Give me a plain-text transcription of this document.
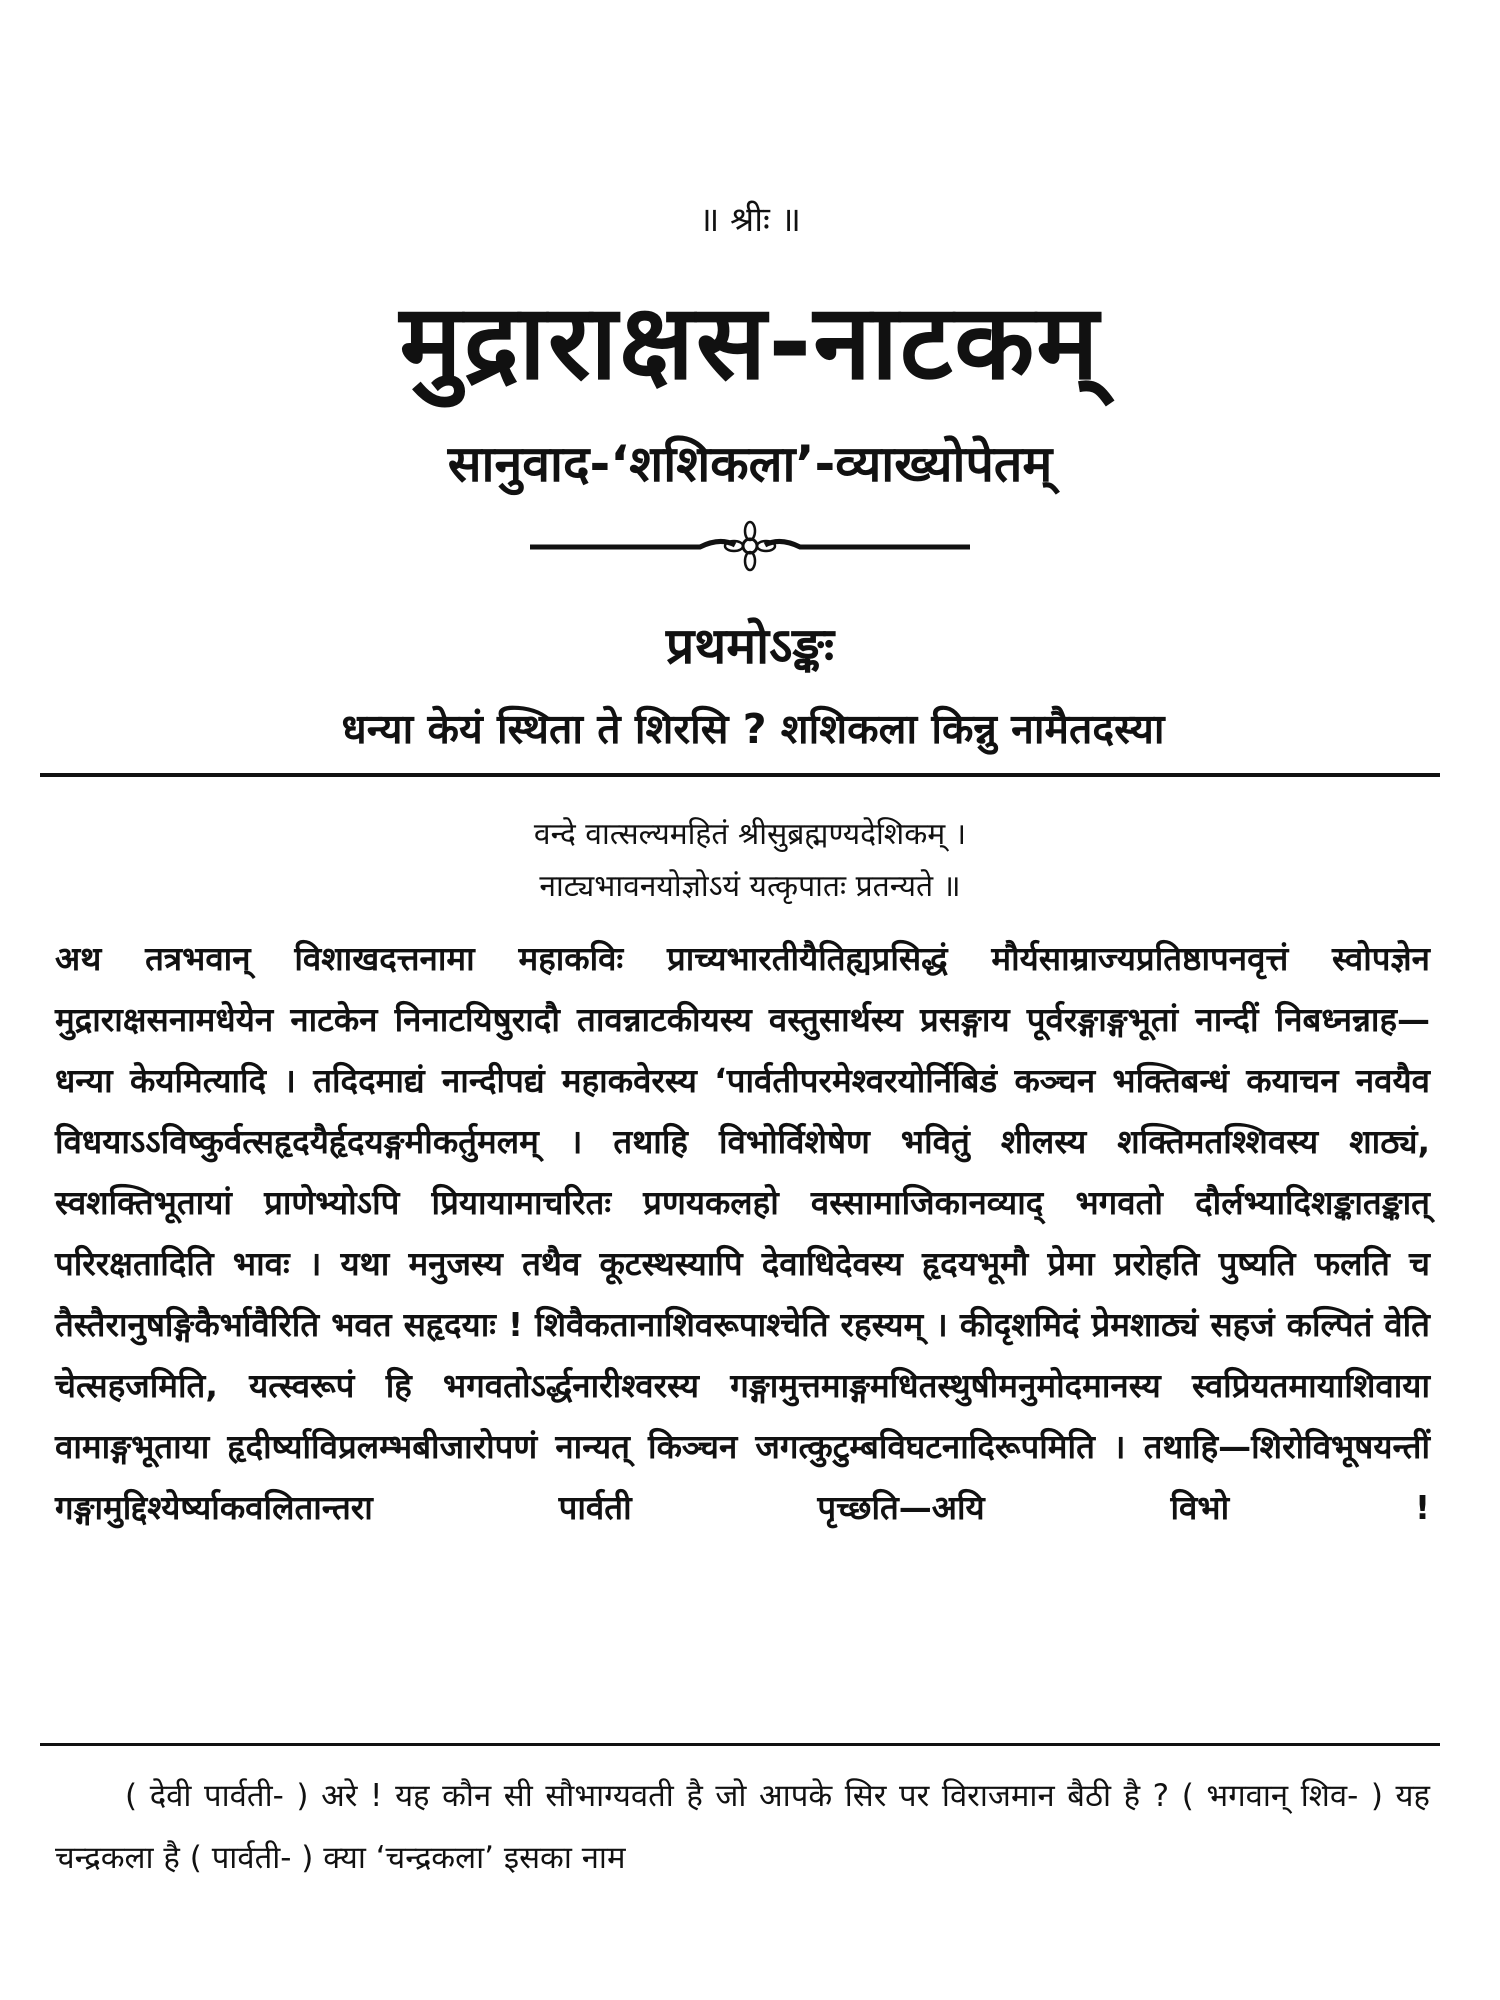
॥ श्रीः ॥
मुद्राराक्षस-नाटकम्
सानुवाद-‘शशिकला’-व्याख्योपेतम्
प्रथमोऽङ्कः
धन्या केयं स्थिता ते शिरसि ? शशिकला किन्नु नामैतदस्या
वन्दे वात्सल्यमहितं श्रीसुब्रह्मण्यदेशिकम् ।
नाट्यभावनयोज्ञोऽयं यत्कृपातः प्रतन्यते ॥
अथ तत्रभवान् विशाखदत्तनामा महाकविः प्राच्यभारतीयैतिह्यप्रसिद्धं मौर्यसाम्राज्यप्रतिष्ठापनवृत्तं स्वोपज्ञेन मुद्राराक्षसनामधेयेन नाटकेन निनाटयिषुरादौ तावन्नाटकीयस्य वस्तुसार्थस्य प्रसङ्गाय पूर्वरङ्गाङ्गभूतां नान्दीं निबध्नन्नाह— धन्या केयमित्यादि । तदिदमाद्यं नान्दीपद्यं महाकवेरस्य ‘पार्वतीपरमेश्वरयोर्निबिडं कञ्चन भक्तिबन्धं कयाचन नवयैव विधयाऽऽविष्कुर्वत्सहृदयैर्हृदयङ्गमीकर्तुमलम् । तथाहि विभोर्विशेषेण भवितुं शीलस्य शक्तिमतश्शिवस्य शाठ्यं, स्वशक्तिभूतायां प्राणेभ्योऽपि प्रियायामाचरितः प्रणयकलहो वस्सामाजिकानव्याद् भगवतो दौर्लभ्यादिशङ्कातङ्कात् परिरक्षतादिति भावः । यथा मनुजस्य तथैव कूटस्थस्यापि देवाधिदेवस्य हृदयभूमौ प्रेमा प्ररोहति पुष्यति फलति च तैस्तैरानुषङ्गिकैर्भावैरिति भवत सहृदयाः ! शिवैकतानाशिवरूपाश्चेति रहस्यम् । कीदृशमिदं प्रेमशाठ्यं सहजं कल्पितं वेति चेत्सहजमिति, यत्स्वरूपं हि भगवतोऽर्द्धनारीश्वरस्य गङ्गामुत्तमाङ्गमधितस्थुषीमनुमोदमानस्य स्वप्रियतमायाशिवाया वामाङ्गभूताया हृदीर्ष्याविप्रलम्भबीजारोपणं नान्यत् किञ्चन जगत्कुटुम्बविघटनादिरूपमिति । तथाहि—शिरोविभूषयन्तीं गङ्गामुद्दिश्येर्ष्याकवलितान्तरा पार्वती पृच्छति—अयि विभो !
( देवी पार्वती- ) अरे ! यह कौन सी सौभाग्यवती है जो आपके सिर पर विराजमान बैठी है ? ( भगवान् शिव- ) यह चन्द्रकला है ( पार्वती- ) क्या ‘चन्द्रकला’ इसका नाम
